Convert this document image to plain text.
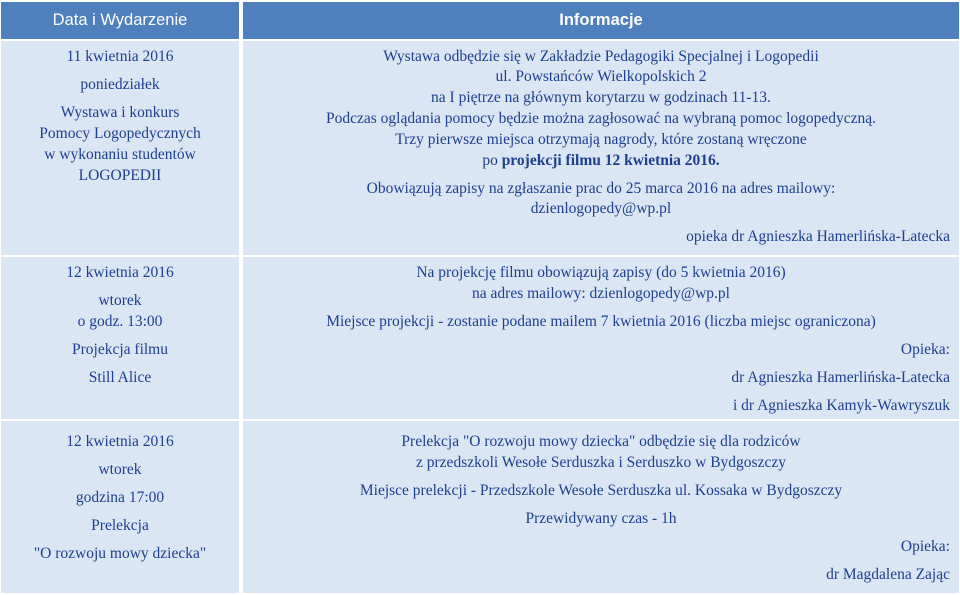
Data i Wydarzenie	Informacje
11 kwietnia 2016
poniedziałek
Wystawa i konkurs
Pomocy Logopedycznych
w wykonaniu studentów
LOGOPEDII
Wystawa odbędzie się w Zakładzie Pedagogiki Specjalnej i Logopedii
ul. Powstańców Wielkopolskich 2
na I piętrze na głównym korytarzu w godzinach 11-13.
Podczas oglądania pomocy będzie można zagłosować na wybraną pomoc logopedyczną.
Trzy pierwsze miejsca otrzymają nagrody, które zostaną wręczone
po projekcji filmu 12 kwietnia 2016.
Obowiązują zapisy na zgłaszanie prac do 25 marca 2016 na adres mailowy:
dzienlogopedy@wp.pl
opieka dr Agnieszka Hamerlińska-Latecka
12 kwietnia 2016
wtorek
o godz. 13:00
Projekcja filmu
Still Alice
Na projekcję filmu obowiązują zapisy (do 5 kwietnia 2016)
na adres mailowy: dzienlogopedy@wp.pl
Miejsce projekcji - zostanie podane mailem 7 kwietnia 2016 (liczba miejsc ograniczona)
Opieka:
dr Agnieszka Hamerlińska-Latecka
i dr Agnieszka Kamyk-Wawryszuk
12 kwietnia 2016
wtorek
godzina 17:00
Prelekcja
"O rozwoju mowy dziecka"
Prelekcja "O rozwoju mowy dziecka" odbędzie się dla rodziców
z przedszkoli Wesołe Serduszka i Serduszko w Bydgoszczy
Miejsce prelekcji - Przedszkole Wesołe Serduszka ul. Kossaka w Bydgoszczy
Przewidywany czas - 1h
Opieka:
dr Magdalena Zając
